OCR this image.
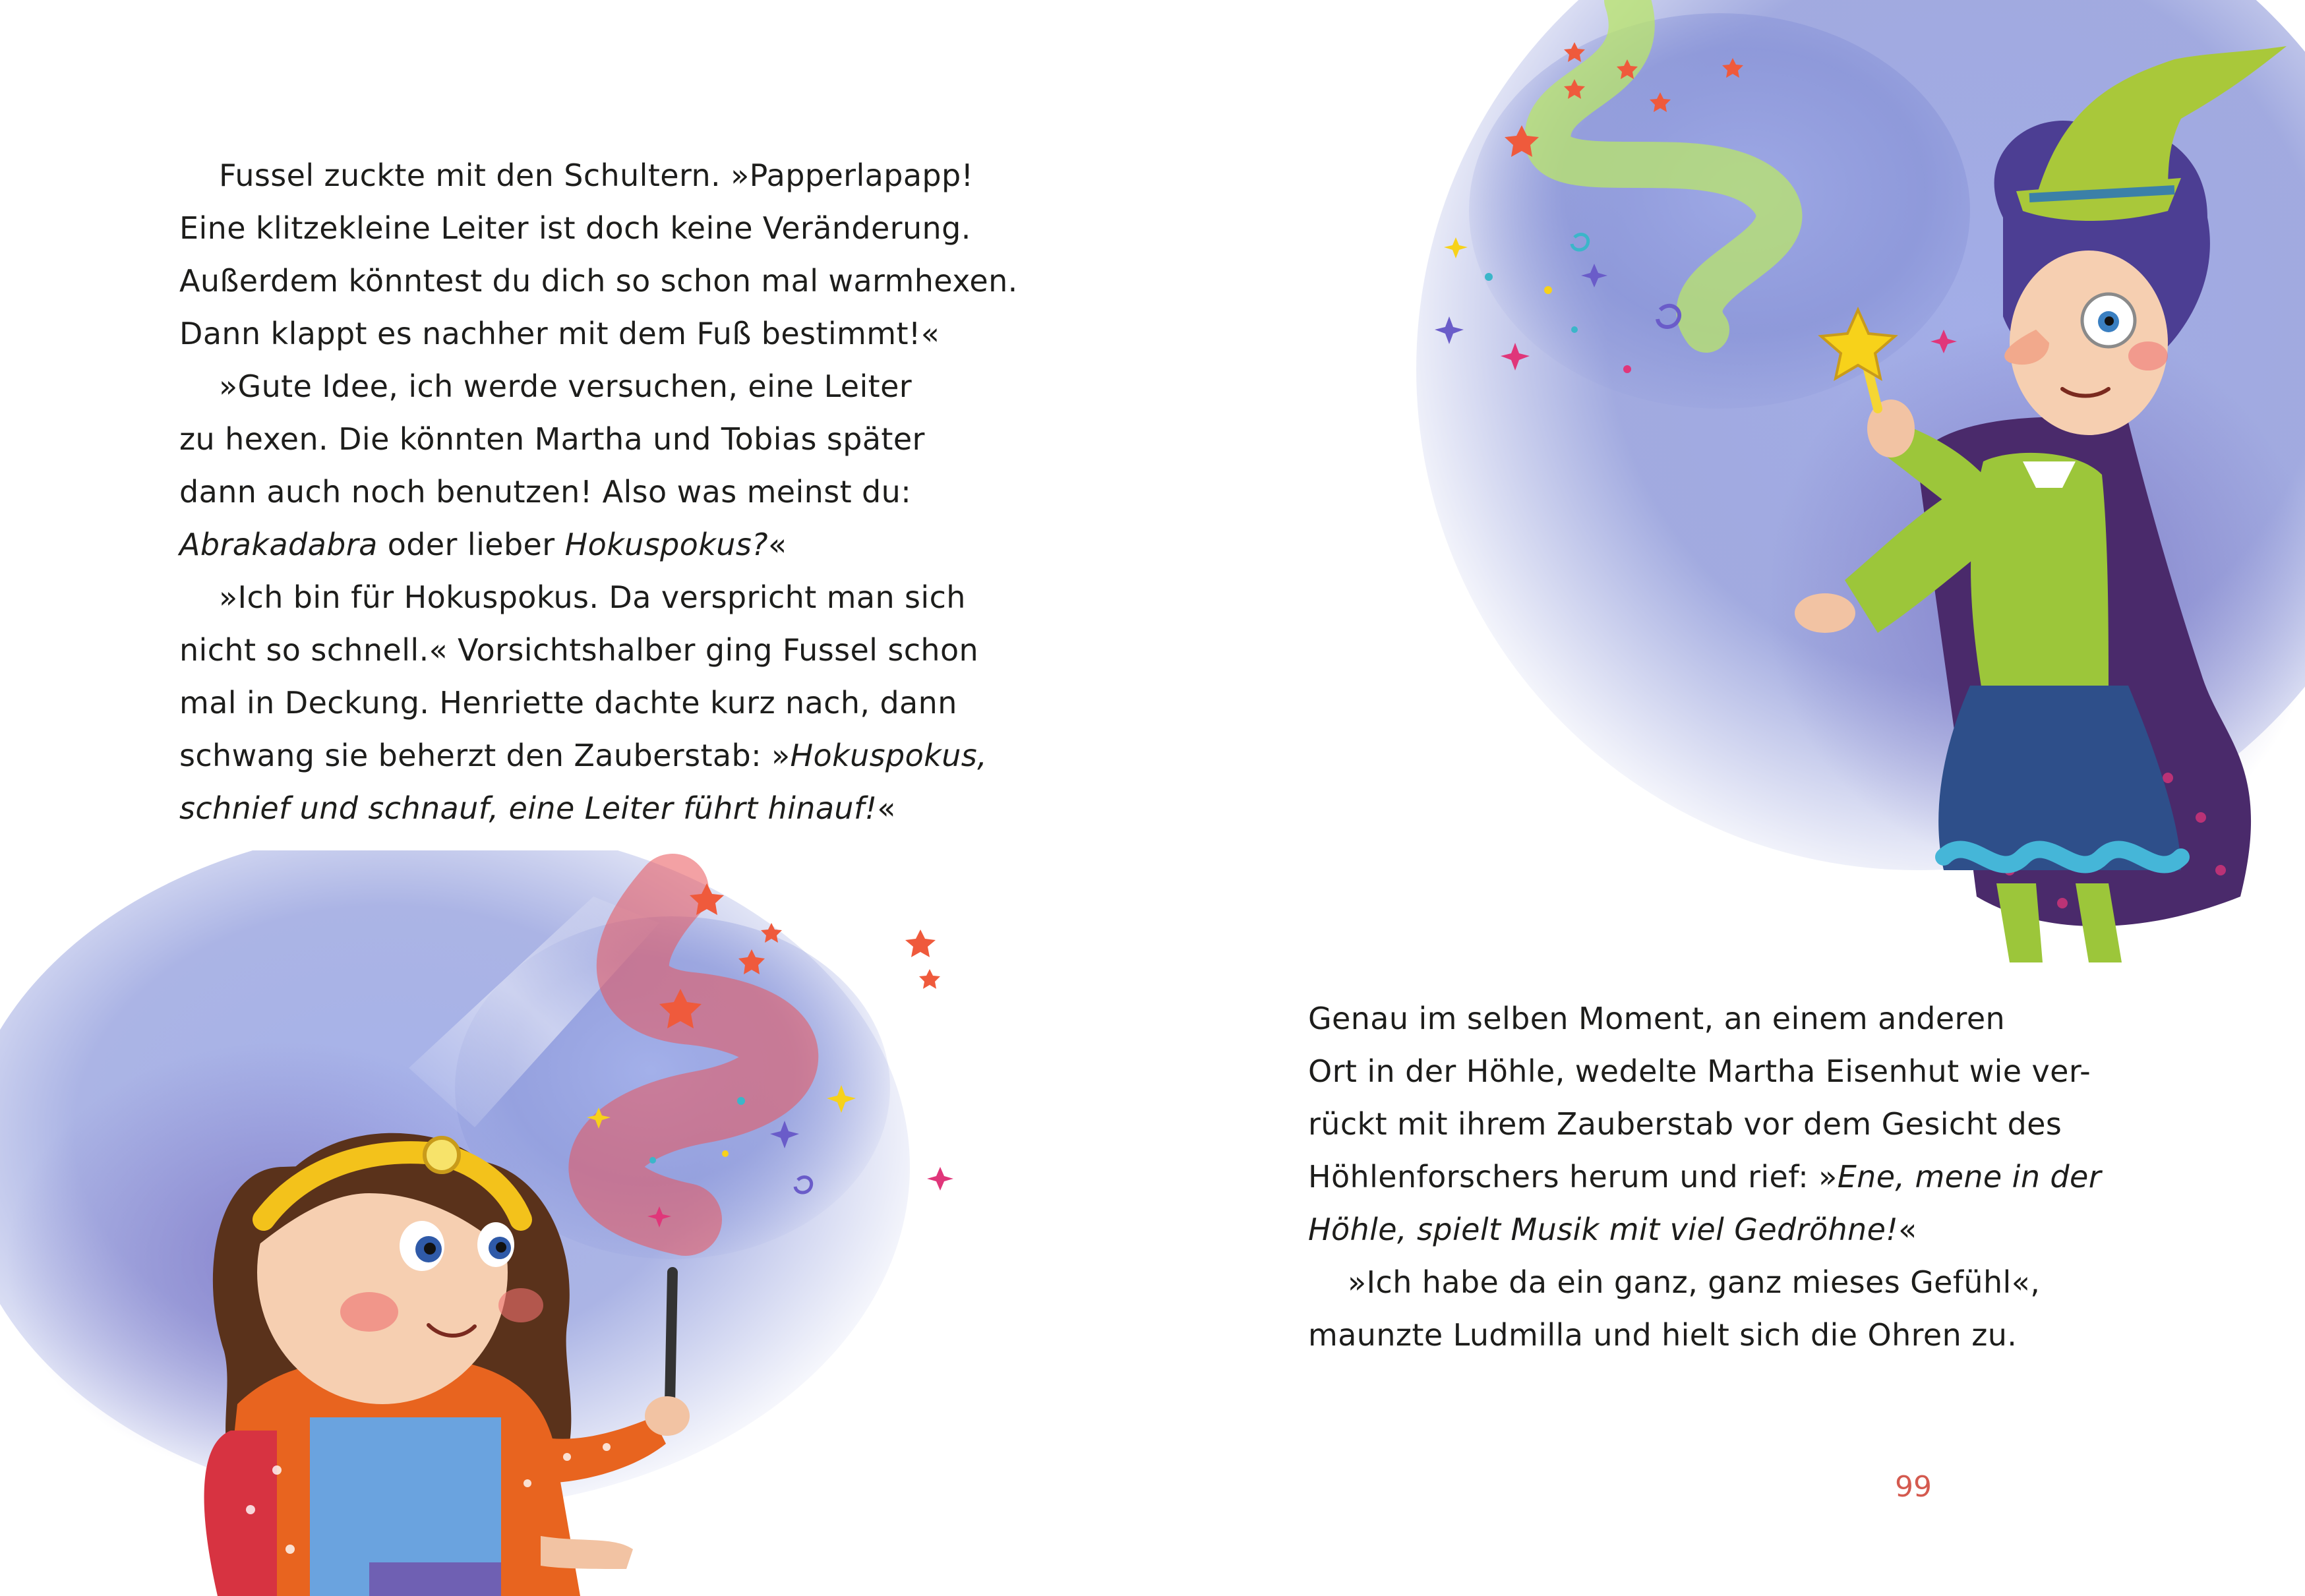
Fussel zuckte mit den Schultern. »Papperlapapp!
Eine klitzekleine Leiter ist doch keine Veränderung.
Außerdem könntest du dich so schon mal warmhexen.
Dann klappt es nachher mit dem Fuß bestimmt!«
»Gute Idee, ich werde versuchen, eine Leiter
zu hexen. Die könnten Martha und Tobias später
dann auch noch benutzen! Also was meinst du:
Abrakadabra oder lieber Hokuspokus?«
»Ich bin für Hokuspokus. Da verspricht man sich
nicht so schnell.« Vorsichtshalber ging Fussel schon
mal in Deckung. Henriette dachte kurz nach, dann
schwang sie beherzt den Zauberstab: »Hokuspokus,
schnief und schnauf, eine Leiter führt hinauf!«
Genau im selben Moment, an einem anderen
Ort in der Höhle, wedelte Martha Eisenhut wie ver-
rückt mit ihrem Zauberstab vor dem Gesicht des
Höhlenforschers herum und rief: »Ene, mene in der
Höhle, spielt Musik mit viel Gedröhne!«
»Ich habe da ein ganz, ganz mieses Gefühl«,
maunzte Ludmilla und hielt sich die Ohren zu.
99
